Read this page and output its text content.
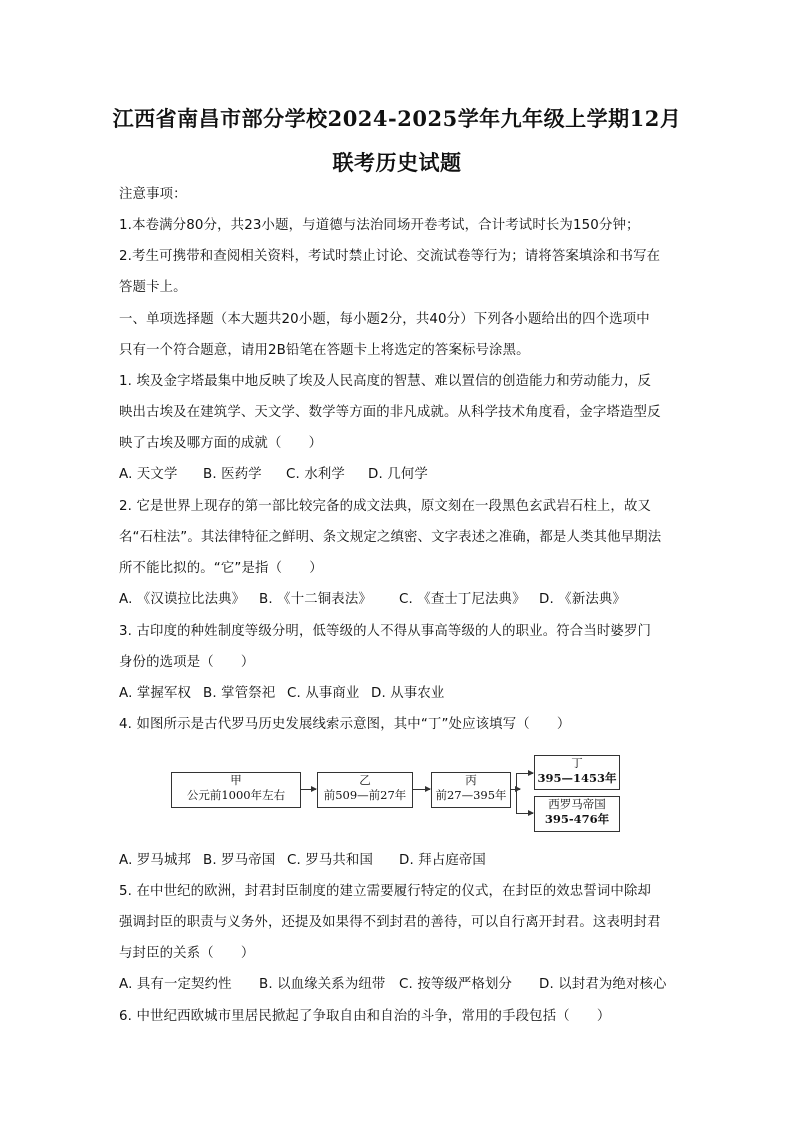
江西省南昌市部分学校2024-2025学年九年级上学期12月
联考历史试题
注意事项：
1.本卷满分80分，共23小题，与道德与法治同场开卷考试，合计考试时长为150分钟；
2.考生可携带和查阅相关资料，考试时禁止讨论、交流试卷等行为；请将答案填涂和书写在
答题卡上。
一、单项选择题（本大题共20小题，每小题2分，共40分）下列各小题给出的四个选项中
只有一个符合题意，请用2B铅笔在答题卡上将选定的答案标号涂黑。
1. 埃及金字塔最集中地反映了埃及人民高度的智慧、难以置信的创造能力和劳动能力，反
映出古埃及在建筑学、天文学、数学等方面的非凡成就。从科学技术角度看，金字塔造型反
映了古埃及哪方面的成就（　　）
A. 天文学 B. 医药学 C. 水利学 D. 几何学
2. 它是世界上现存的第一部比较完备的成文法典，原文刻在一段黑色玄武岩石柱上，故又
名“石柱法”。其法律特征之鲜明、条文规定之缜密、文字表述之准确，都是人类其他早期法
所不能比拟的。“它”是指（　　）
A. 《汉谟拉比法典》 B. 《十二铜表法》 C. 《查士丁尼法典》 D. 《新法典》
3. 古印度的种姓制度等级分明，低等级的人不得从事高等级的人的职业。符合当时婆罗门
身份的选项是（　　）
A. 掌握军权 B. 掌管祭祀 C. 从事商业 D. 从事农业
4. 如图所示是古代罗马历史发展线索示意图，其中“丁”处应该填写（　　）
甲
公元前1000年左右
乙
前509—前27年
丙
前27—395年
丁
395—1453年
西罗马帝国
395-476年
A. 罗马城邦 B. 罗马帝国 C. 罗马共和国 D. 拜占庭帝国
5. 在中世纪的欧洲，封君封臣制度的建立需要履行特定的仪式，在封臣的效忠誓词中除却
强调封臣的职责与义务外，还提及如果得不到封君的善待，可以自行离开封君。这表明封君
与封臣的关系（　　）
A. 具有一定契约性 B. 以血缘关系为纽带 C. 按等级严格划分 D. 以封君为绝对核心
6. 中世纪西欧城市里居民掀起了争取自由和自治的斗争，常用的手段包括（　　）
